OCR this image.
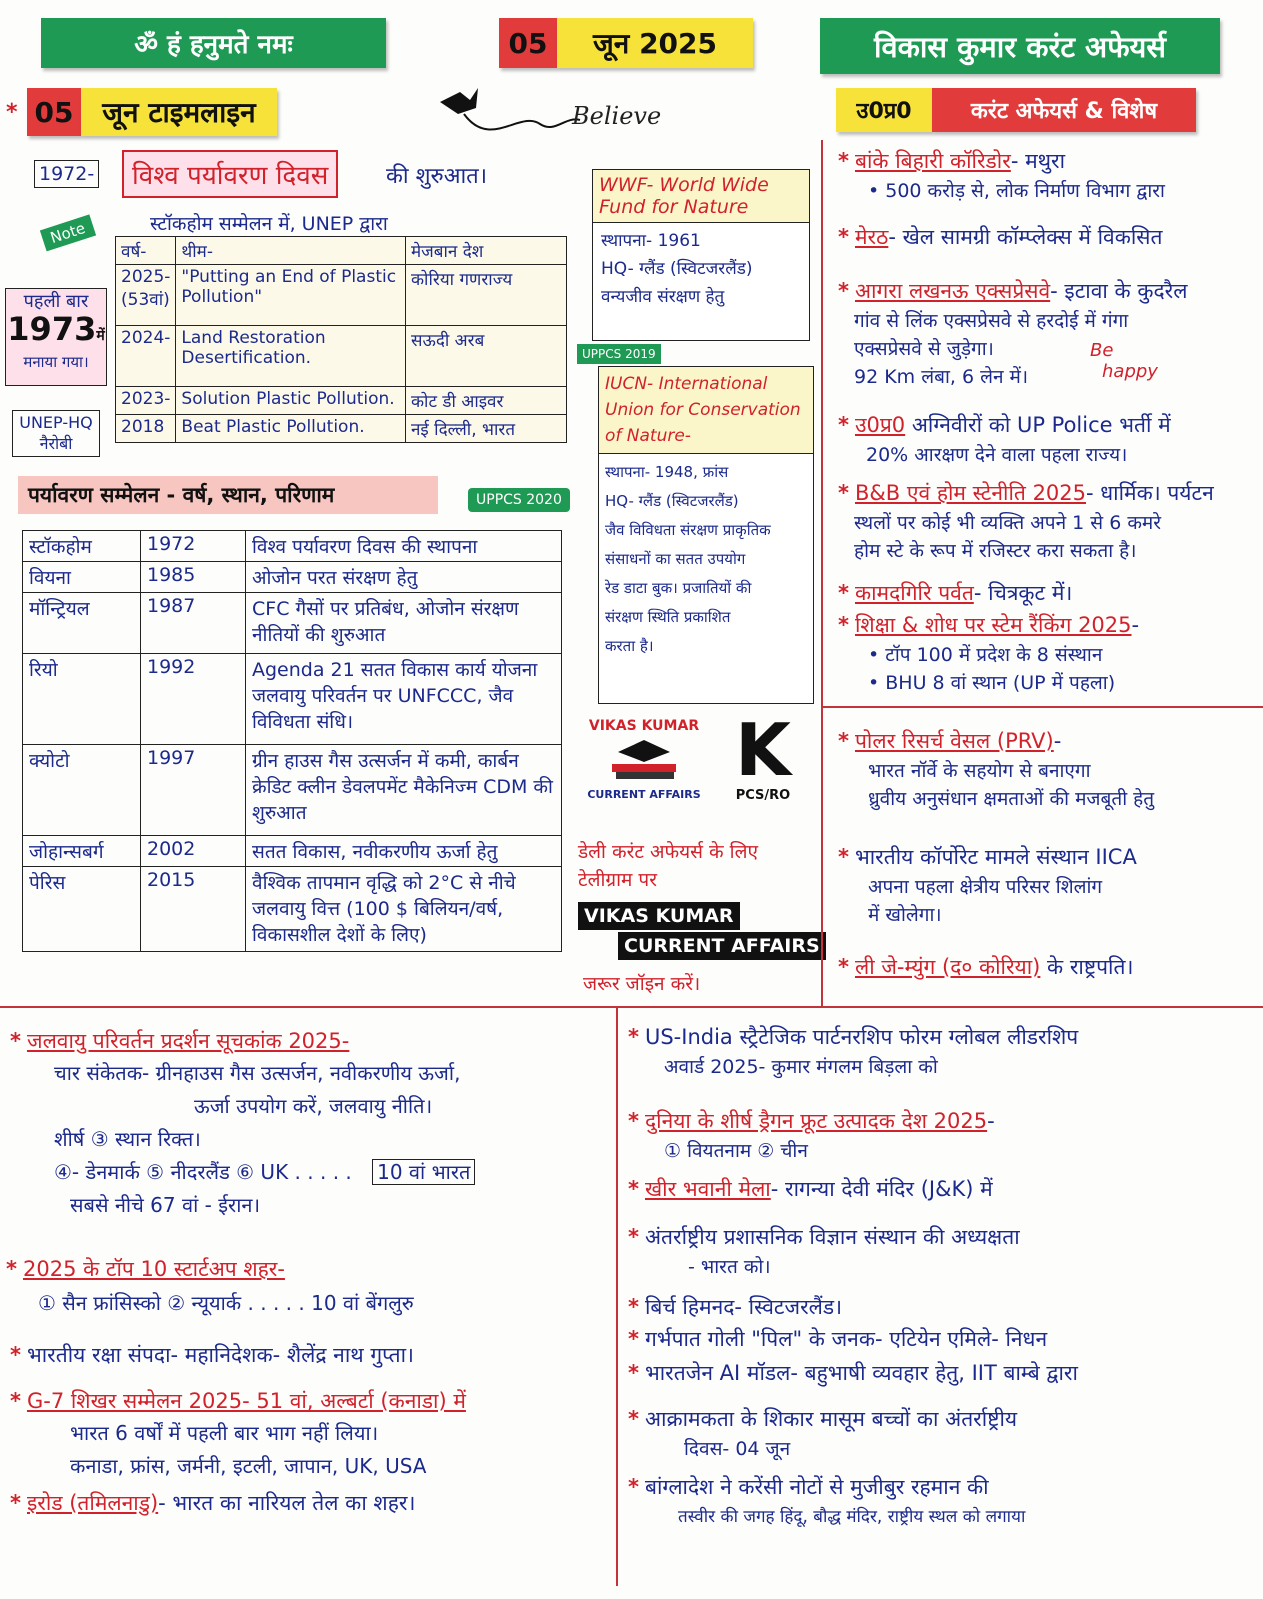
ॐ हं हनुमते नमः	05 जून 2025	विकास कुमार करंट अफेयर्स
* 05 जून टाइमलाइन	Believe
1972-	विश्व पर्यावरण दिवस	की शुरुआत।
स्टॉकहोम सम्मेलन में, UNEP द्वारा
Note
पहली बार
1973में
मनाया गया।
UNEP-HQ
नैरोबी
वर्ष-	थीम-	मेजबान देश
2025- (53वां)	"Putting an End of Plastic Pollution"	कोरिया गणराज्य
2024-	Land Restoration Desertification.	सऊदी अरब
2023-	Solution Plastic Pollution.	कोट डी आइवर
2018	Beat Plastic Pollution.	नई दिल्ली, भारत
WWF- World Wide
Fund for Nature
स्थापना- 1961
HQ- ग्लैंड (स्विटजरलैंड)
वन्यजीव संरक्षण हेतु
UPPCS 2019
IUCN- International
Union for Conservation
of Nature-
स्थापना- 1948, फ्रांस
HQ- ग्लैंड (स्विटजरलैंड)
जैव विविधता संरक्षण प्राकृतिक
संसाधनों का सतत उपयोग
रेड डाटा बुक। प्रजातियों की
संरक्षण स्थिति प्रकाशित
करता है।
पर्यावरण सम्मेलन - वर्ष, स्थान, परिणाम	UPPCS 2020
स्टॉकहोम	1972	विश्व पर्यावरण दिवस की स्थापना
वियना	1985	ओजोन परत संरक्षण हेतु
मॉन्ट्रियल	1987	CFC गैसों पर प्रतिबंध, ओजोन संरक्षण नीतियों की शुरुआत
रियो	1992	Agenda 21 सतत विकास कार्य योजना जलवायु परिवर्तन पर UNFCCC, जैव विविधता संधि।
क्योटो	1997	ग्रीन हाउस गैस उत्सर्जन में कमी, कार्बन क्रेडिट क्लीन डेवलपमेंट मैकेनिज्म CDM की शुरुआत
जोहान्सबर्ग	2002	सतत विकास, नवीकरणीय ऊर्जा हेतु
पेरिस	2015	वैश्विक तापमान वृद्धि को 2°C से नीचे जलवायु वित्त (100 $ बिलियन/वर्ष, विकासशील देशों के लिए)
VIKAS KUMAR
CURRENT AFFAIRS
K
PCS/RO
डेली करंट अफेयर्स के लिए
टेलीग्राम पर
VIKAS KUMAR
CURRENT AFFAIRS
जरूर जॉइन करें।
उ0प्र0	करंट अफेयर्स & विशेष
Be
happy
* बांके बिहारी कॉरिडोर- मथुरा
• 500 करोड़ से, लोक निर्माण विभाग द्वारा
* मेरठ- खेल सामग्री कॉम्प्लेक्स में विकसित
* आगरा लखनऊ एक्सप्रेसवे- इटावा के कुदरैल
गांव से लिंक एक्सप्रेसवे से हरदोई में गंगा
एक्सप्रेसवे से जुड़ेगा।
92 Km लंबा, 6 लेन में।
* उ0प्र0 अग्निवीरों को UP Police भर्ती में
20% आरक्षण देने वाला पहला राज्य।
* B&B एवं होम स्टेनीति 2025- धार्मिक। पर्यटन
स्थलों पर कोई भी व्यक्ति अपने 1 से 6 कमरे
होम स्टे के रूप में रजिस्टर करा सकता है।
* कामदगिरि पर्वत- चित्रकूट में।
* शिक्षा & शोध पर स्टेम रैंकिंग 2025-
• टॉप 100 में प्रदेश के 8 संस्थान
• BHU 8 वां स्थान (UP में पहला)
* पोलर रिसर्च वेसल (PRV)-
भारत नॉर्वे के सहयोग से बनाएगा
ध्रुवीय अनुसंधान क्षमताओं की मजबूती हेतु
* भारतीय कॉर्पोरेट मामले संस्थान IICA
अपना पहला क्षेत्रीय परिसर शिलांग
में खोलेगा।
* ली जे-म्युंग (द० कोरिया) के राष्ट्रपति।
* जलवायु परिवर्तन प्रदर्शन सूचकांक 2025-
चार संकेतक- ग्रीनहाउस गैस उत्सर्जन, नवीकरणीय ऊर्जा,
ऊर्जा उपयोग करें, जलवायु नीति।
शीर्ष ③ स्थान रिक्त।
④- डेनमार्क ⑤ नीदरलैंड ⑥ UK . . . . . 10 वां भारत
सबसे नीचे 67 वां - ईरान।
* 2025 के टॉप 10 स्टार्टअप शहर-
① सैन फ्रांसिस्को ② न्यूयार्क . . . . . 10 वां बेंगलुरु
* भारतीय रक्षा संपदा- महानिदेशक- शैलेंद्र नाथ गुप्ता।
* G-7 शिखर सम्मेलन 2025- 51 वां, अल्बर्टा (कनाडा) में
भारत 6 वर्षों में पहली बार भाग नहीं लिया।
कनाडा, फ्रांस, जर्मनी, इटली, जापान, UK, USA
* इरोड (तमिलनाडु)- भारत का नारियल तेल का शहर।
* US-India स्ट्रैटेजिक पार्टनरशिप फोरम ग्लोबल लीडरशिप
अवार्ड 2025- कुमार मंगलम बिड़ला को
* दुनिया के शीर्ष ड्रैगन फ्रूट उत्पादक देश 2025-
① वियतनाम ② चीन
* खीर भवानी मेला- रागन्या देवी मंदिर (J&K) में
* अंतर्राष्ट्रीय प्रशासनिक विज्ञान संस्थान की अध्यक्षता
- भारत को।
* बिर्च हिमनद- स्विटजरलैंड।
* गर्भपात गोली "पिल" के जनक- एटियेन एमिले- निधन
* भारतजेन AI मॉडल- बहुभाषी व्यवहार हेतु, IIT बाम्बे द्वारा
* आक्रामकता के शिकार मासूम बच्चों का अंतर्राष्ट्रीय
दिवस- 04 जून
* बांग्लादेश ने करेंसी नोटों से मुजीबुर रहमान की
तस्वीर की जगह हिंदू, बौद्ध मंदिर, राष्ट्रीय स्थल को लगाया
